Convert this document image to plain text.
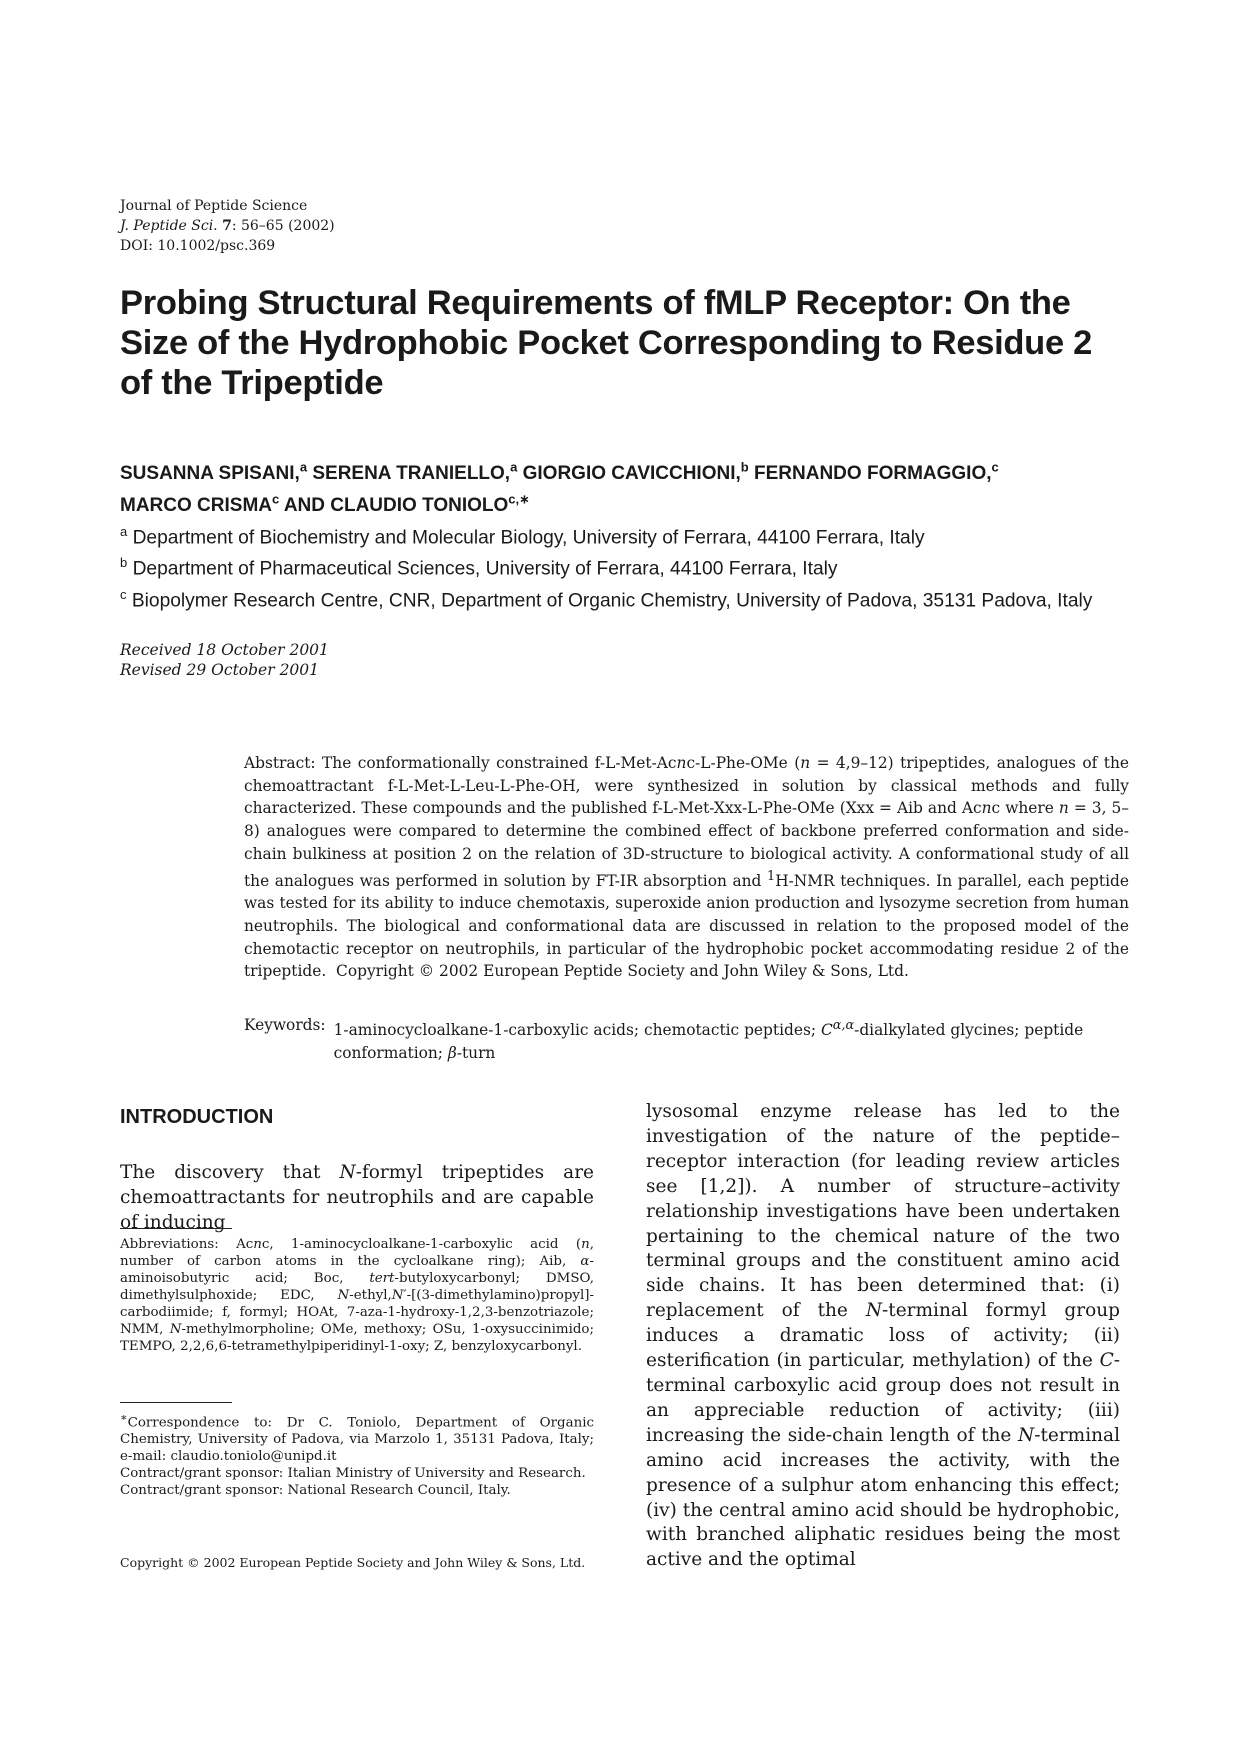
Journal of Peptide Science
J. Peptide Sci. 7: 56–65 (2002)
DOI: 10.1002/psc.369
Probing Structural Requirements of fMLP Receptor: On the Size of the Hydrophobic Pocket Corresponding to Residue 2 of the Tripeptide
SUSANNA SPISANI,$^a$ SERENA TRANIELLO,$^a$ GIORGIO CAVICCHIONI,$^b$ FERNANDO FORMAGGIO,$^c$
MARCO CRISMA$^c$ AND CLAUDIO $TONIOLO^{c,∗}$
$^a$ Department of Biochemistry and Molecular Biology, University of Ferrara, 44100 Ferrara, Italy
$^b$ Department of Pharmaceutical Sciences, University of Ferrara, 44100 Ferrara, Italy
$^c$ Biopolymer Research Centre, CNR, Department of Organic Chemistry, University of Padova, 35131 Padova, Italy
Received 18 October 2001
Revised 29 October 2001
Abstract: The conformationally constrained f-L-Met-Acnc-L-Phe-OMe (n = 4,9–12) tripeptides, analogues of the chemoattractant f-L-Met-L-Leu-L-Phe-OH, were synthesized in solution by classical methods and fully characterized. These compounds and the published f-L-Met-Xxx-L-Phe-OMe (Xxx = Aib and Acnc where n = 3, 5–8) analogues were compared to determine the combined effect of backbone preferred conformation and side-chain bulkiness at position 2 on the relation of 3D-structure to biological activity. A conformational study of all the analogues was performed in solution by FT-IR absorption and $^1$H-NMR techniques. In parallel, each peptide was tested for its ability to induce chemotaxis, superoxide anion production and lysozyme secretion from human neutrophils. The biological and conformational data are discussed in relation to the proposed model of the chemotactic receptor on neutrophils, in particular of the hydrophobic pocket accommodating residue 2 of the tripeptide. Copyright © 2002 European Peptide Society and John Wiley & Sons, Ltd.
Keywords: 1-aminocycloalkane-1-carboxylic acids; chemotactic peptides; $C^{\alpha,\alpha}$-dialkylated glycines; peptide conformation; β-turn
INTRODUCTION
The discovery that N-formyl tripeptides are chemoattractants for neutrophils and are capable of inducing
Abbreviations: Acnc, 1-aminocycloalkane-1-carboxylic acid (n, number of carbon atoms in the cycloalkane ring); Aib, α-aminoisobutyric acid; Boc, tert-butyloxycarbonyl; DMSO, dimethylsulphoxide; EDC, N-ethyl,N′-[(3-dimethylamino)propyl]-carbodiimide; f, formyl; HOAt, 7-aza-1-hydroxy-1,2,3-benzotriazole; NMM, N-methylmorpholine; OMe, methoxy; OSu, 1-oxysuccinimido; TEMPO, 2,2,6,6-tetramethylpiperidinyl-1-oxy; Z, benzyloxycarbonyl.

∗Correspondence to: Dr C. Toniolo, Department of Organic Chemistry, University of Padova, via Marzolo 1, 35131 Padova, Italy; e-mail: claudio.toniolo@unipd.it

Contract/grant sponsor: Italian Ministry of University and Research.

Contract/grant sponsor: National Research Council, Italy.

Copyright © 2002 European Peptide Society and John Wiley & Sons, Ltd.
lysosomal enzyme release has led to the investigation of the nature of the peptide–receptor interaction (for leading review articles see [1,2]). A number of structure–activity relationship investigations have been undertaken pertaining to the chemical nature of the two terminal groups and the constituent amino acid side chains. It has been determined that: (i) replacement of the N-terminal formyl group induces a dramatic loss of activity; (ii) esterification (in particular, methylation) of the C-terminal carboxylic acid group does not result in an appreciable reduction of activity; (iii) increasing the side-chain length of the N-terminal amino acid increases the activity, with the presence of a sulphur atom enhancing this effect; (iv) the central amino acid should be hydrophobic, with branched aliphatic residues being the most active and the optimal
